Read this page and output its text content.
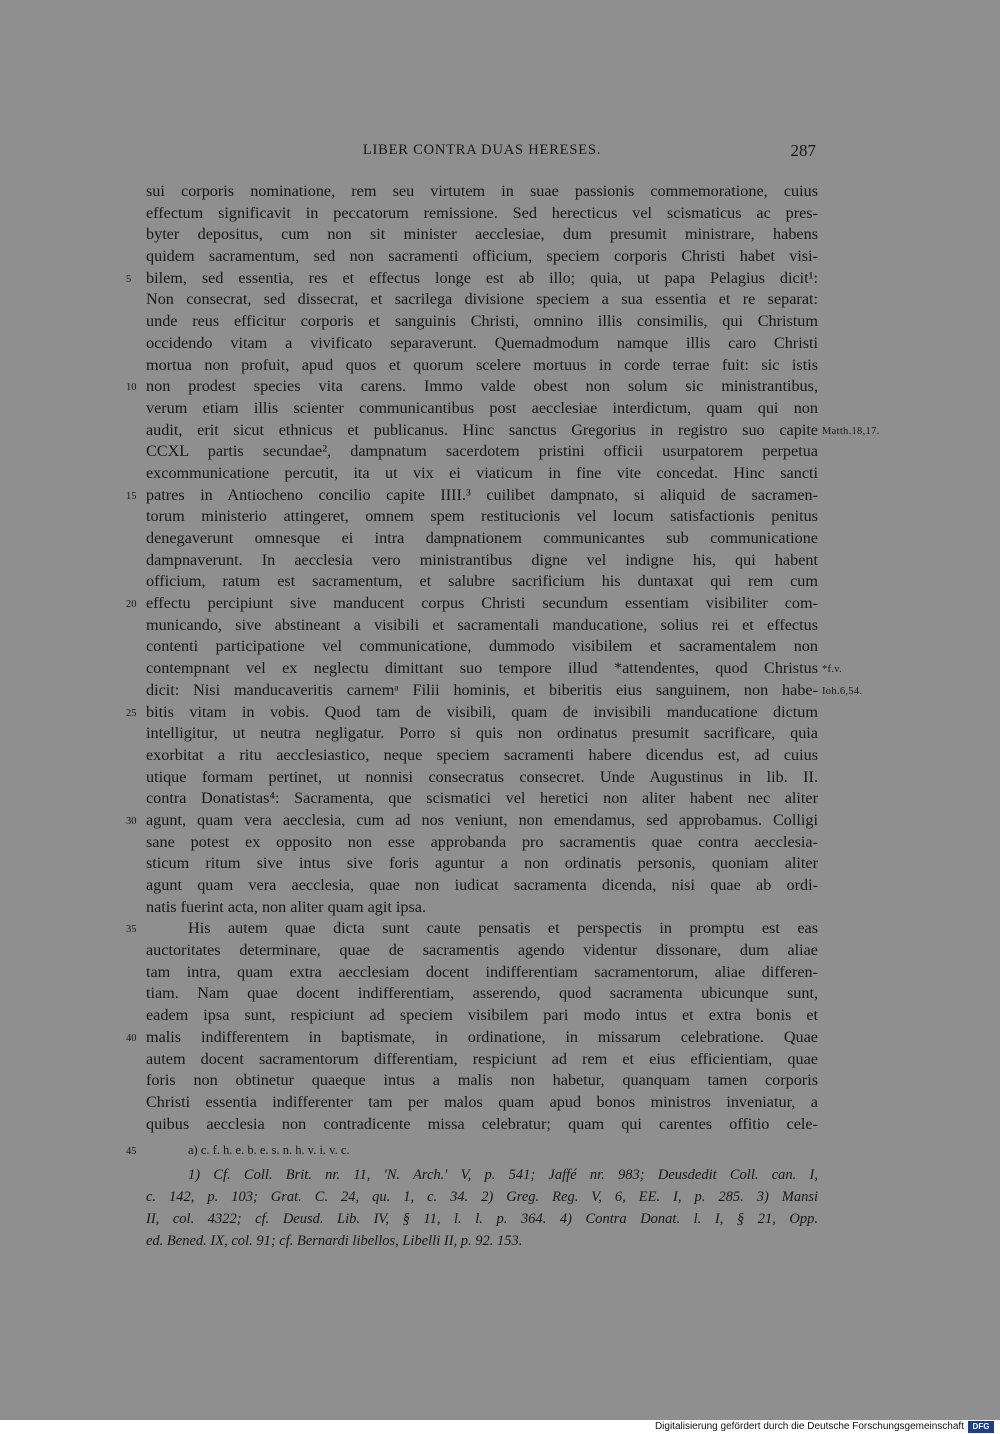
LIBER CONTRA DUAS HERESES.	287
sui corporis nominatione, rem seu virtutem in suae passionis commemoratione, cuius
effectum significavit in peccatorum remissione. Sed herecticus vel scismaticus ac pres-
byter depositus, cum non sit minister aecclesiae, dum presumit ministrare, habens
quidem sacramentum, sed non sacramenti officium, speciem corporis Christi habet visi-
5 bilem, sed essentia, res et effectus longe est ab illo; quia, ut papa Pelagius dicit¹:
Non consecrat, sed dissecrat, et sacrilega divisione speciem a sua essentia et re separat:
unde reus efficitur corporis et sanguinis Christi, omnino illis consimilis, qui Christum
occidendo vitam a vivificato separaverunt. Quemadmodum namque illis caro Christi
mortua non profuit, apud quos et quorum scelere mortuus in corde terrae fuit: sic istis
10 non prodest species vita carens. Immo valde obest non solum sic ministrantibus,
verum etiam illis scienter communicantibus post aecclesiae interdictum, quam qui non
audit, erit sicut ethnicus et publicanus. Hinc sanctus Gregorius in registro suo capite Matth.18,17.
CCXL partis secundae², dampnatum sacerdotem pristini officii usurpatorem perpetua
excommunicatione percutit, ita ut vix ei viaticum in fine vite concedat. Hinc sancti
15 patres in Antiocheno concilio capite IIII.³ cuilibet dampnato, si aliquid de sacramen-
torum ministerio attingeret, omnem spem restitucionis vel locum satisfactionis penitus
denegaverunt omnesque ei intra dampnationem communicantes sub communicatione
dampnaverunt. In aecclesia vero ministrantibus digne vel indigne his, qui habent
officium, ratum est sacramentum, et salubre sacrificium his duntaxat qui rem cum
20 effectu percipiunt sive manducent corpus Christi secundum essentiam visibiliter com-
municando, sive abstineant a visibili et sacramentali manducatione, solius rei et effectus
contenti participatione vel communicatione, dummodo visibilem et sacramentalem non
contempnant vel ex neglectu dimittant suo tempore illud *attendentes, quod Christus *f.v.
dicit: Nisi manducaveritis carnemᵃ Filii hominis, et biberitis eius sanguinem, non habe- Ioh.6,54.
25 bitis vitam in vobis. Quod tam de visibili, quam de invisibili manducatione dictum
intelligitur, ut neutra negligatur. Porro si quis non ordinatus presumit sacrificare, quia
exorbitat a ritu aecclesiastico, neque speciem sacramenti habere dicendus est, ad cuius
utique formam pertinet, ut nonnisi consecratus consecret. Unde Augustinus in lib. II.
contra Donatistas⁴: Sacramenta, que scismatici vel heretici non aliter habent nec aliter
30 agunt, quam vera aecclesia, cum ad nos veniunt, non emendamus, sed approbamus. Colligi
sane potest ex opposito non esse approbanda pro sacramentis quae contra aecclesia-
sticum ritum sive intus sive foris aguntur a non ordinatis personis, quoniam aliter
agunt quam vera aecclesia, quae non iudicat sacramenta dicenda, nisi quae ab ordi-
natis fuerint acta, non aliter quam agit ipsa.
35	His autem quae dicta sunt caute pensatis et perspectis in promptu est eas
auctoritates determinare, quae de sacramentis agendo videntur dissonare, dum aliae
tam intra, quam extra aecclesiam docent indifferentiam sacramentorum, aliae differen-
tiam. Nam quae docent indifferentiam, asserendo, quod sacramenta ubicunque sunt,
eadem ipsa sunt, respiciunt ad speciem visibilem pari modo intus et extra bonis et
40 malis indifferentem in baptismate, in ordinatione, in missarum celebratione. Quae
autem docent sacramentorum differentiam, respiciunt ad rem et eius efficientiam, quae
foris non obtinetur quaeque intus a malis non habetur, quanquam tamen corporis
Christi essentia indifferenter tam per malos quam apud bonos ministros inveniatur, a
quibus aecclesia non contradicente missa celebratur; quam qui carentes offitio cele-
45	a) c. f. h. e. b. e. s. n. h. v. i. v. c.
1) Cf. Coll. Brit. nr. 11, 'N. Arch.' V, p. 541; Jaffé nr. 983; Deusdedit Coll. can. I,
c. 142, p. 103; Grat. C. 24, qu. 1, c. 34. 2) Greg. Reg. V, 6, EE. I, p. 285. 3) Mansi
II, col. 4322; cf. Deusd. Lib. IV, § 11, l. l. p. 364. 4) Contra Donat. l. I, § 21, Opp.
ed. Bened. IX, col. 91; cf. Bernardi libellos, Libelli II, p. 92. 153.
Digitalisierung gefördert durch die Deutsche Forschungsgemeinschaft	DFG
